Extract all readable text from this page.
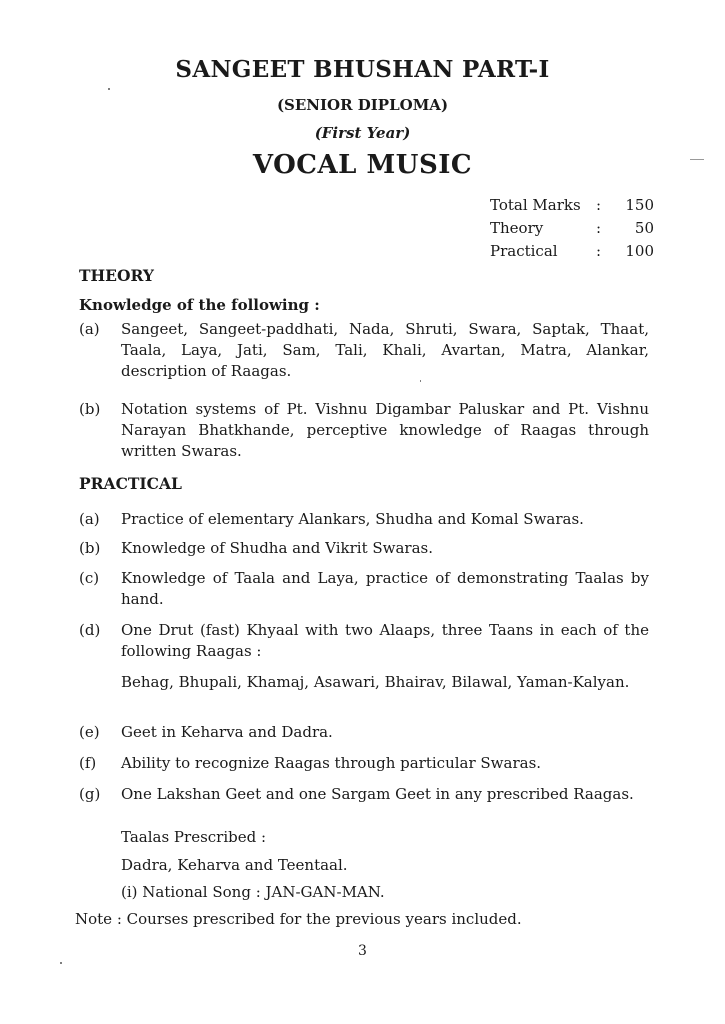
SANGEET BHUSHAN PART-I
(SENIOR DIPLOMA)
(First Year)
VOCAL MUSIC
Total Marks	:	150
Theory	:	50
Practical	:	100
THEORY
Knowledge of the following :
(a) Sangeet, Sangeet-paddhati, Nada, Shruti, Swara, Saptak, Thaat, Taala, Laya, Jati, Sam, Tali, Khali, Avartan, Matra, Alankar, description of Raagas.
(b) Notation systems of Pt. Vishnu Digambar Paluskar and Pt. Vishnu Narayan Bhatkhande, perceptive knowledge of Raagas through written Swaras.
PRACTICAL
(a) Practice of elementary Alankars, Shudha and Komal Swaras.
(b) Knowledge of Shudha and Vikrit Swaras.
(c) Knowledge of Taala and Laya, practice of demonstrating Taalas by hand.
(d) One Drut (fast) Khyaal with two Alaaps, three Taans in each of the following Raagas :
Behag, Bhupali, Khamaj, Asawari, Bhairav, Bilawal, Yaman-Kalyan.
(e) Geet in Keharva and Dadra.
(f) Ability to recognize Raagas through particular Swaras.
(g) One Lakshan Geet and one Sargam Geet in any prescribed Raagas.
Taalas Prescribed :
Dadra, Keharva and Teentaal.
(i) National Song : JAN-GAN-MAN.
Note : Courses prescribed for the previous years included.
3
